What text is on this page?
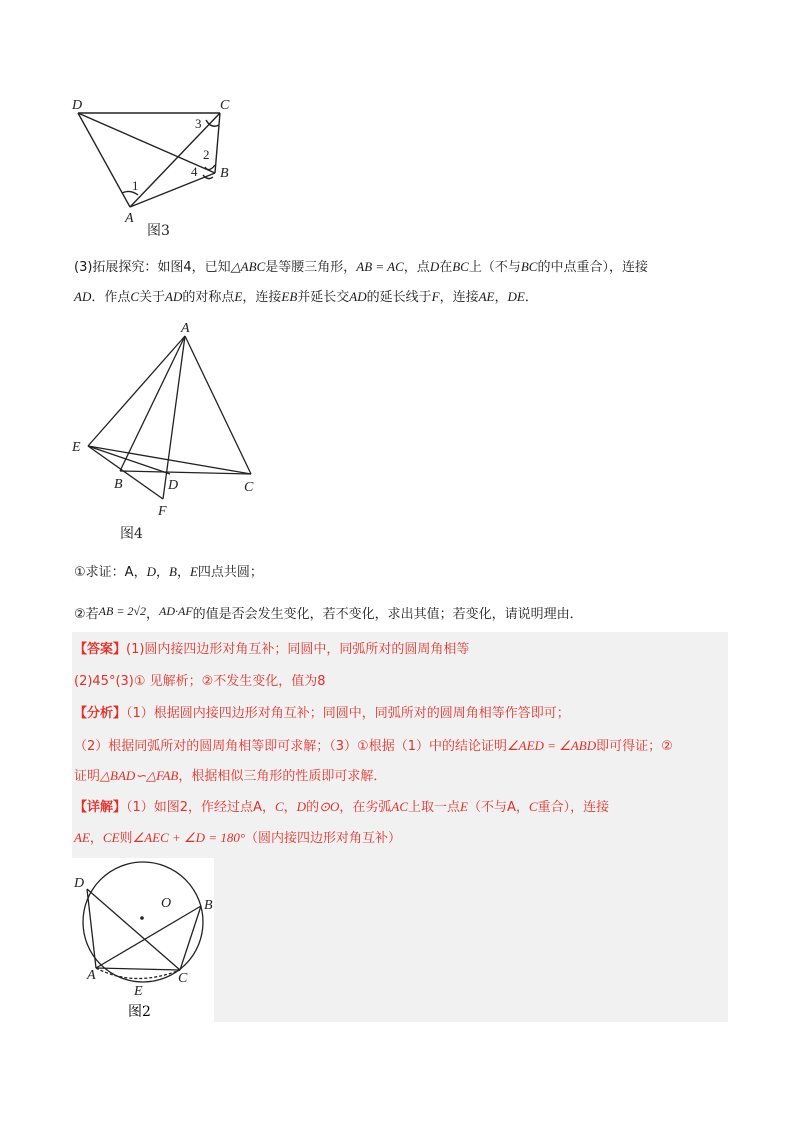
D	C
B
A
3
2
4
1
图3
(3)拓展探究：如图4，已知△ABC是等腰三角形，AB = AC，点D在BC上（不与BC的中点重合），连接
AD．作点C关于AD的对称点E，连接EB并延长交AD的延长线于F，连接AE，DE．
A
E
B	D	C
F
图4
①求证：A，D，B，E四点共圆；
②若AB = 2√2，AD·AF的值是否会发生变化，若不变化，求出其值；若变化，请说明理由．
【答案】(1)圆内接四边形对角互补；同圆中，同弧所对的圆周角相等
(2)45°(3)① 见解析；②不发生变化，值为8
【分析】（1）根据圆内接四边形对角互补；同圆中，同弧所对的圆周角相等作答即可；
（2）根据同弧所对的圆周角相等即可求解；（3）①根据（1）中的结论证明∠AED = ∠ABD即可得证；②
证明△BAD∽△FAB，根据相似三角形的性质即可求解．
【详解】（1）如图2，作经过点A，C，D的⊙O，在劣弧AC上取一点E（不与A，C重合），连接
AE，CE则∠AEC + ∠D = 180°（圆内接四边形对角互补）
D
O B
A	C
E
图2
